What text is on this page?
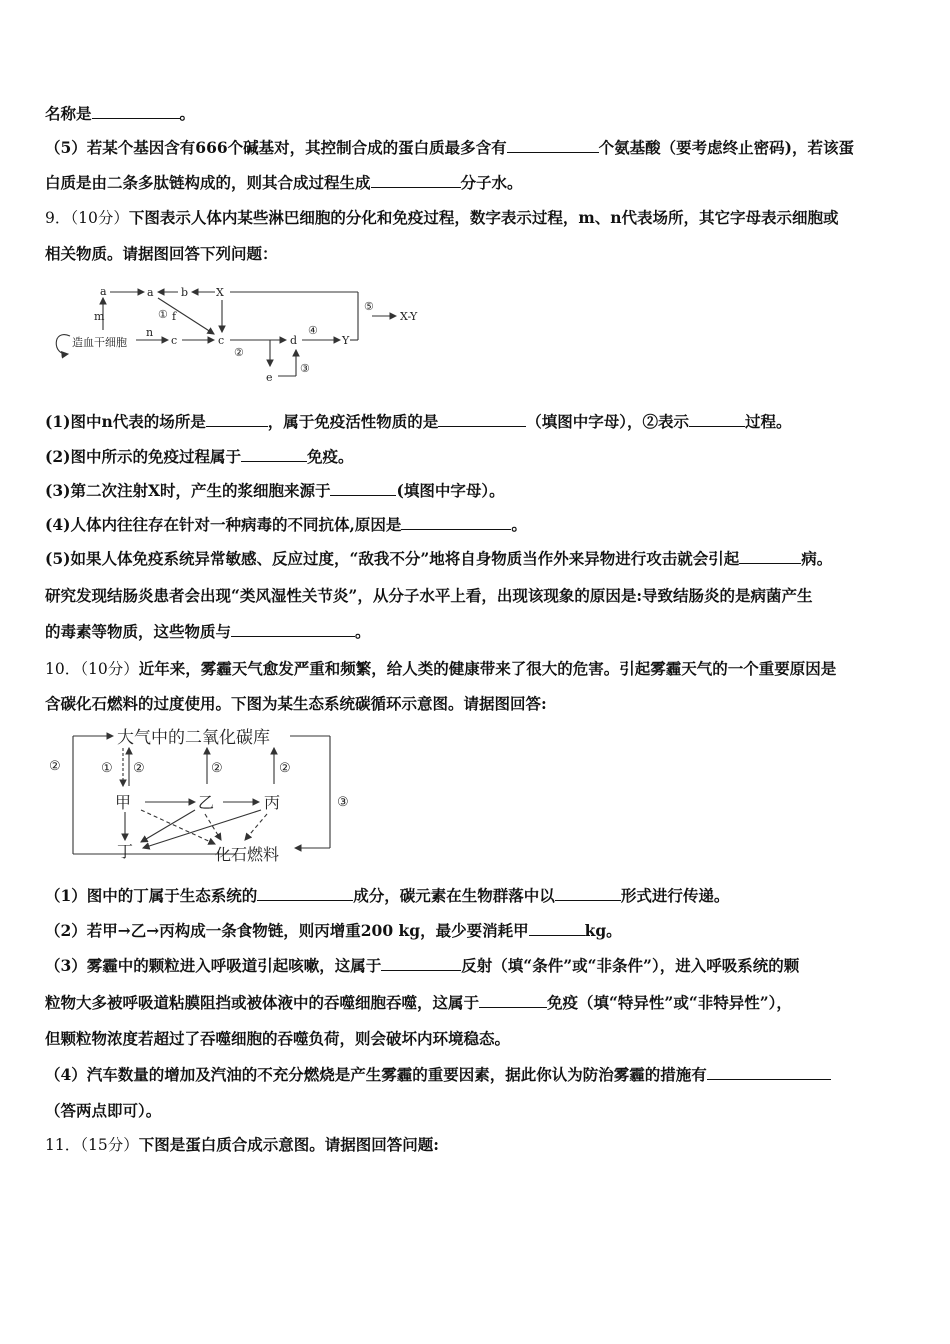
名称是	。
（5）若某个基因含有666个碱基对，其控制合成的蛋白质最多含有	个氨基酸（要考虑终止密码)，若该蛋
白质是由二条多肽链构成的，则其合成过程生成	分子水。
9．（10分）下图表示人体内某些淋巴细胞的分化和免疫过程，数字表示过程，m、n代表场所，其它字母表示细胞或
相关物质。请据图回答下列问题：
造血干细胞
m
n
a	a b	X
f
①
c	c
②
d
e
③
④
Y
⑤
X-Y
(1)图中n代表的场所是	，属于免疫活性物质的是	（填图中字母），②表示	过程。
(2)图中所示的免疫过程属于	免疫。
(3)第二次注射X时，产生的浆细胞来源于	(填图中字母）。
(4)人体内往往存在针对一种病毒的不同抗体,原因是	。
(5)如果人体免疫系统异常敏感、反应过度，“敌我不分”地将自身物质当作外来异物进行攻击就会引起	病。
研究发现结肠炎患者会出现“类风湿性关节炎”，从分子水平上看，出现该现象的原因是:导致结肠炎的是病菌产生
的毒素等物质，这些物质与	。
10．（10分）近年来，雾霾天气愈发严重和频繁，给人类的健康带来了很大的危害。引起雾霾天气的一个重要原因是
含碳化石燃料的过度使用。下图为某生态系统碳循环示意图。请据图回答:
大气中的二氧化碳库
甲	乙	丙
丁	化石燃料
②
③
① ②	②	②
（1）图中的丁属于生态系统的	成分，碳元素在生物群落中以	形式进行传递。
（2）若甲→乙→丙构成一条食物链，则丙增重200 kg，最少要消耗甲	kg。
（3）雾霾中的颗粒进入呼吸道引起咳嗽，这属于	反射（填“条件”或“非条件”），进入呼吸系统的颗
粒物大多被呼吸道粘膜阻挡或被体液中的吞噬细胞吞噬，这属于	免疫（填“特异性”或“非特异性”），
但颗粒物浓度若超过了吞噬细胞的吞噬负荷，则会破坏内环境稳态。
（4）汽车数量的增加及汽油的不充分燃烧是产生雾霾的重要因素，据此你认为防治雾霾的措施有
（答两点即可）。
11．（15分）下图是蛋白质合成示意图。请据图回答问题:
